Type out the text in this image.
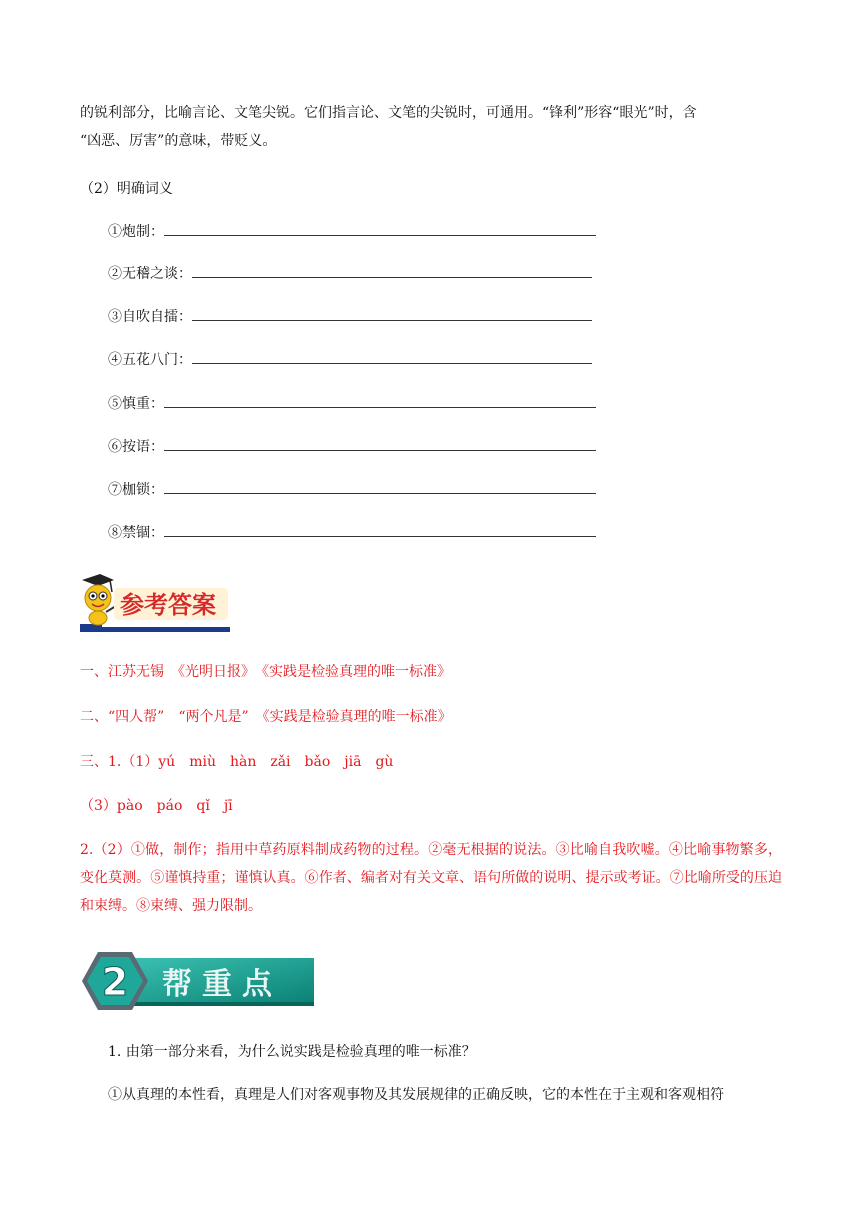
的锐利部分，比喻言论、文笔尖锐。它们指言论、文笔的尖锐时，可通用。“锋利”形容“眼光”时，含
“凶恶、厉害”的意味，带贬义。
（2）明确词义
①炮制：
②无稽之谈：
③自吹自擂：
④五花八门：
⑤慎重：
⑥按语：
⑦枷锁：
⑧禁锢：
参考答案
一、江苏无锡　《光明日报》　《实践是检验真理的唯一标准》
二、“四人帮”　“两个凡是”　《实践是检验真理的唯一标准》
三、1.（1）yú　miù　hàn　zǎi　bǎo　jiā　gù
（3）pào　páo　qǐ　jī
2.（2）①做，制作；指用中草药原料制成药物的过程。②毫无根据的说法。③比喻自我吹嘘。④比喻事物繁多，变化莫测。⑤谨慎持重；谨慎认真。⑥作者、编者对有关文章、语句所做的说明、提示或考证。⑦比喻所受的压迫和束缚。⑧束缚、强力限制。
2 帮重点
1. 由第一部分来看，为什么说实践是检验真理的唯一标准？
①从真理的本性看，真理是人们对客观事物及其发展规律的正确反映，它的本性在于主观和客观相符
